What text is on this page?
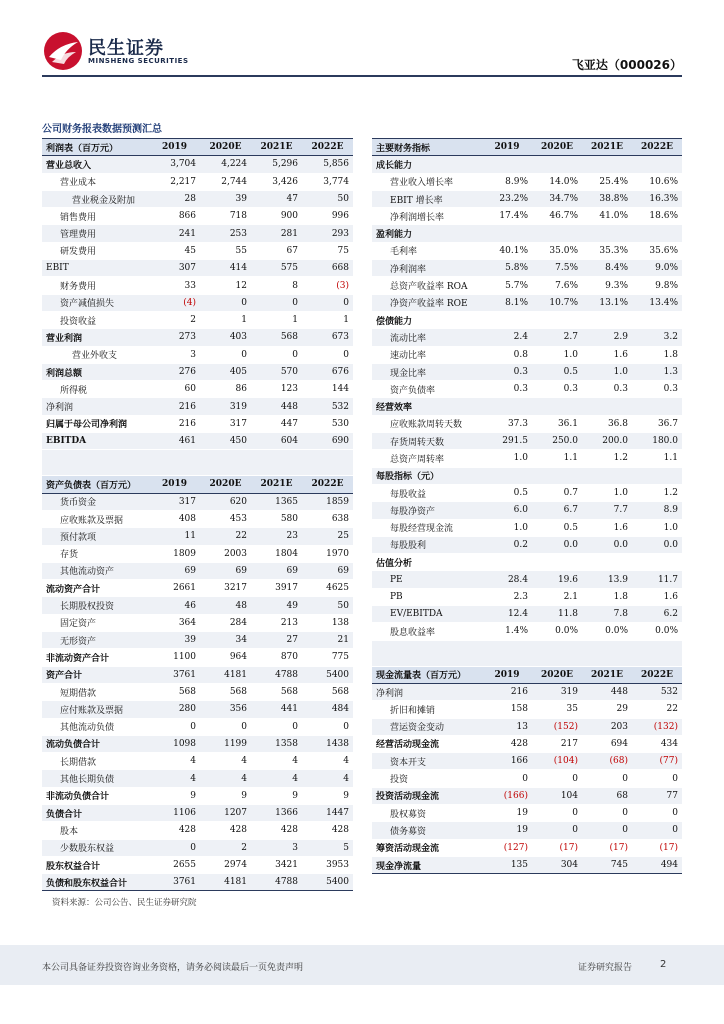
民生证券
MINSHENG SECURITIES	飞亚达（000026）
公司财务报表数据预测汇总
利润表（百万元）	2019	2020E	2021E	2022E
营业总收入	3,704	4,224	5,296	5,856
营业成本	2,217	2,744	3,426	3,774
营业税金及附加	28	39	47	50
销售费用	866	718	900	996
管理费用	241	253	281	293
研发费用	45	55	67	75
EBIT	307	414	575	668
财务费用	33	12	8	(3)
资产减值损失	(4)	0	0	0
投资收益	2	1	1	1
营业利润	273	403	568	673
营业外收支	3	0	0	0
利润总额	276	405	570	676
所得税	60	86	123	144
净利润	216	319	448	532
归属于母公司净利润	216	317	447	530
EBITDA	461	450	604	690

资产负债表（百万元）	2019	2020E	2021E	2022E
货币资金	317	620	1365	1859
应收账款及票据	408	453	580	638
预付款项	11	22	23	25
存货	1809	2003	1804	1970
其他流动资产	69	69	69	69
流动资产合计	2661	3217	3917	4625
长期股权投资	46	48	49	50
固定资产	364	284	213	138
无形资产	39	34	27	21
非流动资产合计	1100	964	870	775
资产合计	3761	4181	4788	5400
短期借款	568	568	568	568
应付账款及票据	280	356	441	484
其他流动负债	0	0	0	0
流动负债合计	1098	1199	1358	1438
长期借款	4	4	4	4
其他长期负债	4	4	4	4
非流动负债合计	9	9	9	9
负债合计	1106	1207	1366	1447
股本	428	428	428	428
少数股东权益	0	2	3	5
股东权益合计	2655	2974	3421	3953
负债和股东权益合计	3761	4181	4788	5400
主要财务指标	2019	2020E	2021E	2022E
成长能力				
营业收入增长率	8.9%	14.0%	25.4%	10.6%
EBIT 增长率	23.2%	34.7%	38.8%	16.3%
净利润增长率	17.4%	46.7%	41.0%	18.6%
盈利能力				
毛利率	40.1%	35.0%	35.3%	35.6%
净利润率	5.8%	7.5%	8.4%	9.0%
总资产收益率 ROA	5.7%	7.6%	9.3%	9.8%
净资产收益率 ROE	8.1%	10.7%	13.1%	13.4%
偿债能力				
流动比率	2.4	2.7	2.9	3.2
速动比率	0.8	1.0	1.6	1.8
现金比率	0.3	0.5	1.0	1.3
资产负债率	0.3	0.3	0.3	0.3
经营效率				
应收账款周转天数	37.3	36.1	36.8	36.7
存货周转天数	291.5	250.0	200.0	180.0
总资产周转率	1.0	1.1	1.2	1.1
每股指标（元）				
每股收益	0.5	0.7	1.0	1.2
每股净资产	6.0	6.7	7.7	8.9
每股经营现金流	1.0	0.5	1.6	1.0
每股股利	0.2	0.0	0.0	0.0
估值分析				
PE	28.4	19.6	13.9	11.7
PB	2.3	2.1	1.8	1.6
EV/EBITDA	12.4	11.8	7.8	6.2
股息收益率	1.4%	0.0%	0.0%	0.0%

现金流量表（百万元）	2019	2020E	2021E	2022E
净利润	216	319	448	532
折旧和摊销	158	35	29	22
营运资金变动	13	(152)	203	(132)
经营活动现金流	428	217	694	434
资本开支	166	(104)	(68)	(77)
投资	0	0	0	0
投资活动现金流	(166)	104	68	77
股权募资	19	0	0	0
债务募资	19	0	0	0
筹资活动现金流	(127)	(17)	(17)	(17)
现金净流量	135	304	745	494
资料来源：公司公告、民生证券研究院
本公司具备证券投资咨询业务资格，请务必阅读最后一页免责声明	证券研究报告	2
